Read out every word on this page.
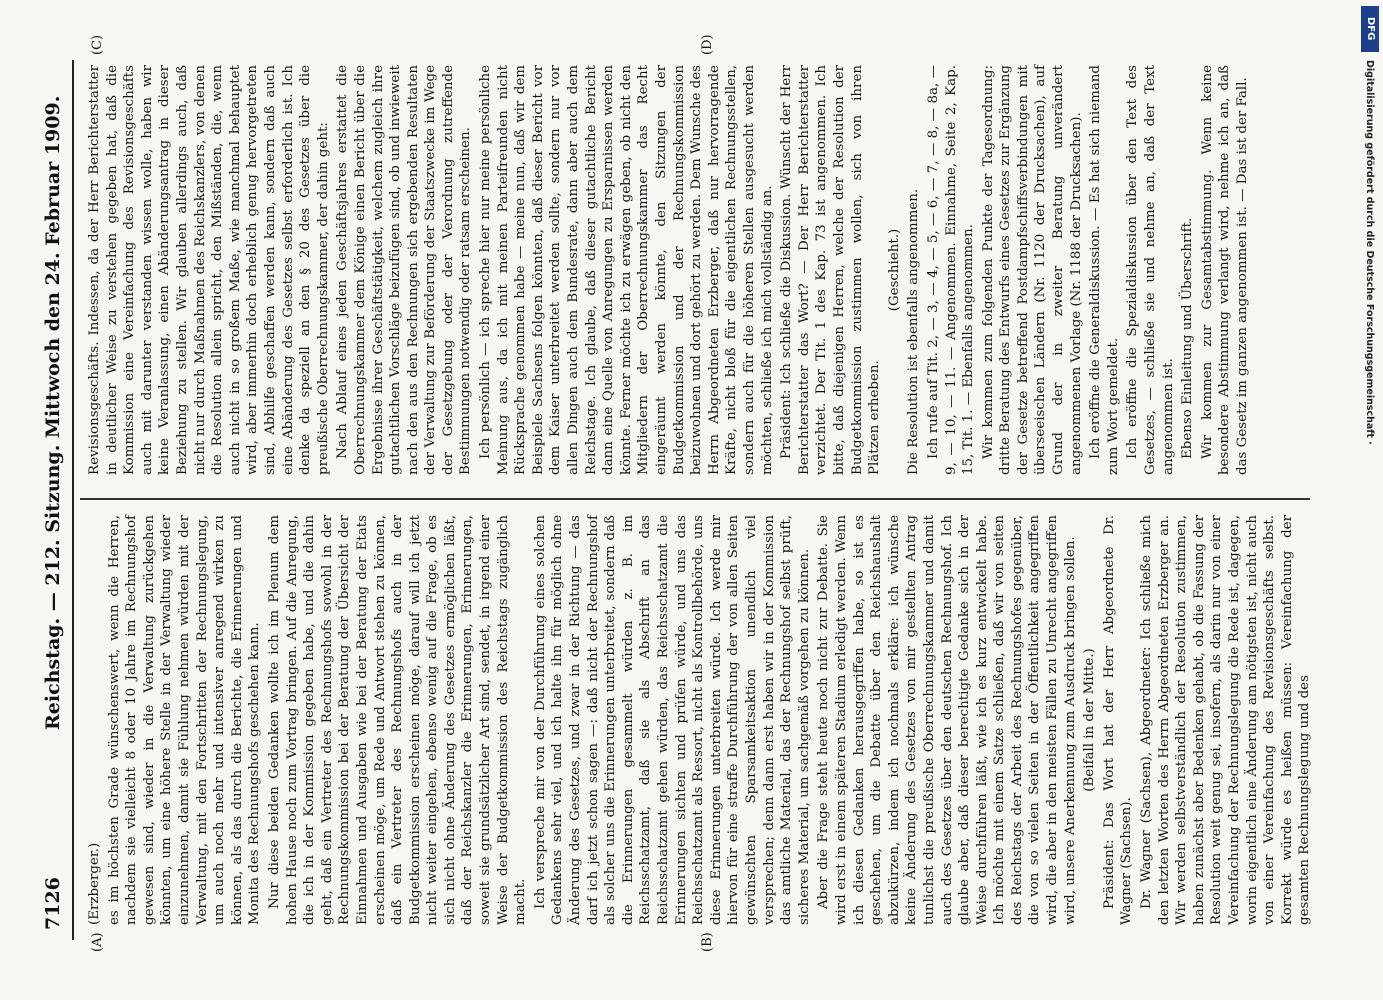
7126
Reichstag. — 212. Sitzung. Mittwoch den 24. Februar 1909.
(A)	(B)
(C)	(D)

(Erzberger.) es im höchsten Grade wünschenswert, wenn die Herren, nachdem sie vielleicht 8 oder 10 Jahre im Rechnungshof gewesen sind, wieder in die Verwaltung zurückgehen könnten, um eine höhere Stelle in der Verwaltung wieder einzunehmen, damit sie Fühlung nehmen würden mit der Verwaltung, mit den Fortschritten der Rechnungslegung, um auch noch mehr und intensiver anregend wirken zu können, als das durch die Berichte, die Erinnerungen und Monita des Rechnungshofs geschehen kann. Nur diese beiden Gedanken wollte ich im Plenum dem hohen Hause noch zum Vortrag bringen. Auf die Anregung, die ich in der Kommission gegeben habe, und die dahin geht, daß ein Vertreter des Rechnungshofs sowohl in der Rechnungskommission bei der Beratung der Übersicht der Einnahmen und Ausgaben wie bei der Beratung der Etats erscheinen möge, um Rede und Antwort stehen zu können, daß ein Vertreter des Rechnungshofs auch in der Budgetkommission erscheinen möge, darauf will ich jetzt nicht weiter eingehen, ebenso wenig auf die Frage, ob es sich nicht ohne Änderung des Gesetzes ermöglichen läßt, daß der Reichskanzler die Erinnerungen, Erinnerungen, soweit sie grundsätzlicher Art sind, sendet, in irgend einer Weise der Budgetkommission des Reichstags zugänglich macht. Ich verspreche mir von der Durchführung eines solchen Gedankens sehr viel, und ich halte ihn für möglich ohne Änderung des Gesetzes, und zwar in der Richtung — das darf ich jetzt schon sagen —: daß nicht der Rechnungshof als solcher uns die Erinnerungen unterbreitet, sondern daß die Erinnerungen gesammelt würden z. B. im Reichsschatzamt, daß sie als Abschrift an das Reichsschatzamt gehen würden, das Reichsschatzamt die Erinnerungen sichten und prüfen würde, und uns das Reichsschatzamt als Ressort, nicht als Kontrollbehörde, uns diese Erinnerungen unterbreiten würde. Ich werde mir hiervon für eine straffe Durchführung der von allen Seiten gewünschten Sparsamkeitsaktion unendlich viel versprechen; denn dann erst haben wir in der Kommission das amtliche Material, das der Rechnungshof selbst prüft, sicheres Material, um sachgemäß vorgehen zu können. Aber die Frage steht heute noch nicht zur Debatte. Sie wird erst in einem späteren Stadium erledigt werden. Wenn ich diesen Gedanken herausgegriffen habe, so ist es geschehen, um die Debatte über den Reichshaushalt abzukürzen, indem ich nochmals erkläre: ich wünsche keine Änderung des Gesetzes von mir gestellten Antrag tunlichst die preußische Oberrechnungskammer und damit auch des Gesetzes über den deutschen Rechnungshof. Ich glaube aber, daß dieser berechtigte Gedanke sich in der Weise durchführen läßt, wie ich es kurz entwickelt habe. Ich möchte mit einem Satze schließen, daß wir von seiten des Reichstags der Arbeit des Rechnungshofes gegenüber, die von so vielen Seiten in der Öffentlichkeit angegriffen wird, die aber in den meisten Fällen zu Unrecht angegriffen wird, unsere Anerkennung zum Ausdruck bringen sollen. (Beifall in der Mitte.) Präsident: Das Wort hat der Herr Abgeordnete Dr. Wagner (Sachsen). Dr. Wagner (Sachsen), Abgeordneter: Ich schließe mich den letzten Worten des Herrn Abgeordneten Erzberger an. Wir werden selbstverständlich der Resolution zustimmen, haben zunächst aber Bedenken gehabt, ob die Fassung der Resolution weit genug sei, insofern, als darin nur von einer Vereinfachung der Rechnungslegung die Rede ist, dagegen, worin eigentlich eine Änderung am nötigsten ist, nicht auch von einer Vereinfachung des Revisionsgeschäfts selbst. Korrekt würde es heißen müssen: Vereinfachung der gesamten Rechnungslegung und des

Revisionsgeschäfts. Indessen, da der Herr Berichterstatter in deutlicher Weise zu verstehen gegeben hat, daß die Kommission eine Vereinfachung des Revisionsgeschäfts auch mit darunter verstanden wissen wolle, haben wir keine Veranlassung, einen Abänderungsantrag in dieser Beziehung zu stellen. Wir glauben allerdings auch, daß nicht nur durch Maßnahmen des Reichskanzlers, von denen die Resolution allein spricht, den Mißständen, die, wenn auch nicht in so großem Maße, wie manchmal behauptet wird, aber immerhin doch erheblich genug hervorgetreten sind, Abhilfe geschaffen werden kann, sondern daß auch eine Abänderung des Gesetzes selbst erforderlich ist. Ich denke da speziell an den § 20 des Gesetzes über die preußische Oberrechnungskammer, der dahin geht: Nach Ablauf eines jeden Geschäftsjahres erstattet die Oberrechnungskammer dem Könige einen Bericht über die Ergebnisse ihrer Geschäftstätigkeit, welchem zugleich ihre gutachtlichen Vorschläge beizufügen sind, ob und inwieweit nach den aus den Rechnungen sich ergebenden Resultaten der Verwaltung zur Beförderung der Staatszwecke im Wege der Gesetzgebung oder der Verordnung zutreffende Bestimmungen notwendig oder ratsam erscheinen. Ich persönlich — ich spreche hier nur meine persönliche Meinung aus, da ich mit meinen Parteifreunden nicht Rücksprache genommen habe — meine nun, daß wir dem Beispiele Sachsens folgen könnten, daß dieser Bericht vor dem Kaiser unterbreitet werden sollte, sondern nur vor allen Dingen auch dem Bundesrate, dann aber auch dem Reichstage. Ich glaube, daß dieser gutachtliche Bericht dann eine Quelle von Anregungen zu Ersparnissen werden könnte. Ferner möchte ich zu erwägen geben, ob nicht den Mitgliedern der Oberrechnungskammer das Recht eingeräumt werden könnte, den Sitzungen der Budgetkommission und der Rechnungskommission beizuwohnen und dort gehört zu werden. Dem Wunsche des Herrn Abgeordneten Erzberger, daß nur hervorragende Kräfte, nicht bloß für die eigentlichen Rechnungsstellen, sondern auch für die höheren Stellen ausgesucht werden möchten, schließe ich mich vollständig an. Präsident: Ich schließe die Diskussion. Wünscht der Herr Berichterstatter das Wort? — Der Herr Berichterstatter verzichtet. Der Tit. 1 des Kap. 73 ist angenommen. Ich bitte, daß diejenigen Herren, welche der Resolution der Budgetkommission zustimmen wollen, sich von ihren Plätzen erheben.

(Geschieht.) Die Resolution ist ebenfalls angenommen. Ich rufe auf Tit. 2, — 3, — 4, — 5, — 6, — 7, — 8, — 8a, — 9, — 10, — 11. — Angenommen. Einnahme, Seite 2, Kap. 15, Tit. 1. — Ebenfalls angenommen. Wir kommen zum folgenden Punkte der Tagesordnung: dritte Beratung des Entwurfs eines Gesetzes zur Ergänzung der Gesetze betreffend Postdampfschiffsverbindungen mit überseeischen Ländern (Nr. 1120 der Drucksachen), auf Grund der in zweiter Beratung unverändert angenommenen Vorlage (Nr. 1188 der Drucksachen). Ich eröffne die Generaldiskussion. — Es hat sich niemand zum Wort gemeldet. Ich eröffne die Spezialdiskussion über den Text des Gesetzes, — schließe sie und nehme an, daß der Text angenommen ist. Ebenso Einleitung und Überschrift. Wir kommen zur Gesamtabstimmung. Wenn keine besondere Abstimmung verlangt wird, nehme ich an, daß das Gesetz im ganzen angenommen ist. — Das ist der Fall.

DFG
Digitalisierung gefördert durch die Deutsche Forschungsgemeinschaft ·
